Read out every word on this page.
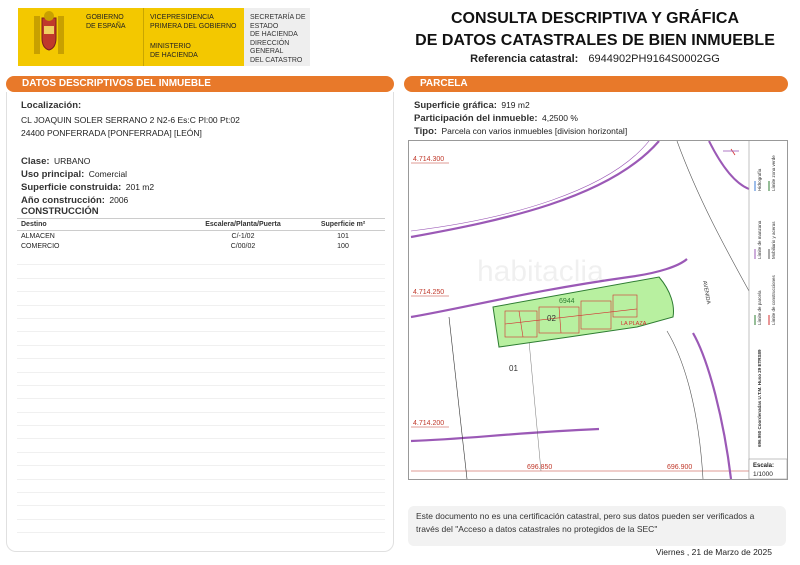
GOBIERNO
DE ESPAÑA
VICEPRESIDENCIA
PRIMERA DEL GOBIERNO
MINISTERIO
DE HACIENDA
SECRETARÍA DE ESTADO
DE HACIENDA
DIRECCIÓN GENERAL
DEL CATASTRO
CONSULTA DESCRIPTIVA Y GRÁFICA
DE DATOS CATASTRALES DE BIEN INMUEBLE
Referencia catastral: 6944902PH9164S0002GG
DATOS DESCRIPTIVOS DEL INMUEBLE
Localización:
CL JOAQUIN SOLER SERRANO 2 N2-6 Es:C Pl:00 Pt:02
24400 PONFERRADA [PONFERRADA] [LEÓN]
Clase: URBANO
Uso principal: Comercial
Superficie construida: 201 m2
Año construcción: 2006
CONSTRUCCIÓN
Destino	Escalera/Planta/Puerta	Superficie m²
ALMACEN	C/-1/02	101
COMERCIO	C/00/02	100
PARCELA
Superficie gráfica: 919 m2
Participación del inmueble: 4,2500 %
Tipo: Parcela con varios inmuebles [division horizontal]
4.714.300
4.714.250
4.714.200
696.850	696.900
02
6944
01
AVENIDA
LA PLAZA
habitaclia
Hidrografía Límite zona verde
Límite de manzana Mobiliario y aceras
Límite de parcela Límite de construcciones
696.950 Coordenadas U.T.M. Huso 29 ETRS89
Escala:
1/1000
Este documento no es una certificación catastral, pero sus datos pueden ser verificados a través del "Acceso a datos catastrales no protegidos de la SEC"
Viernes , 21 de Marzo de 2025
